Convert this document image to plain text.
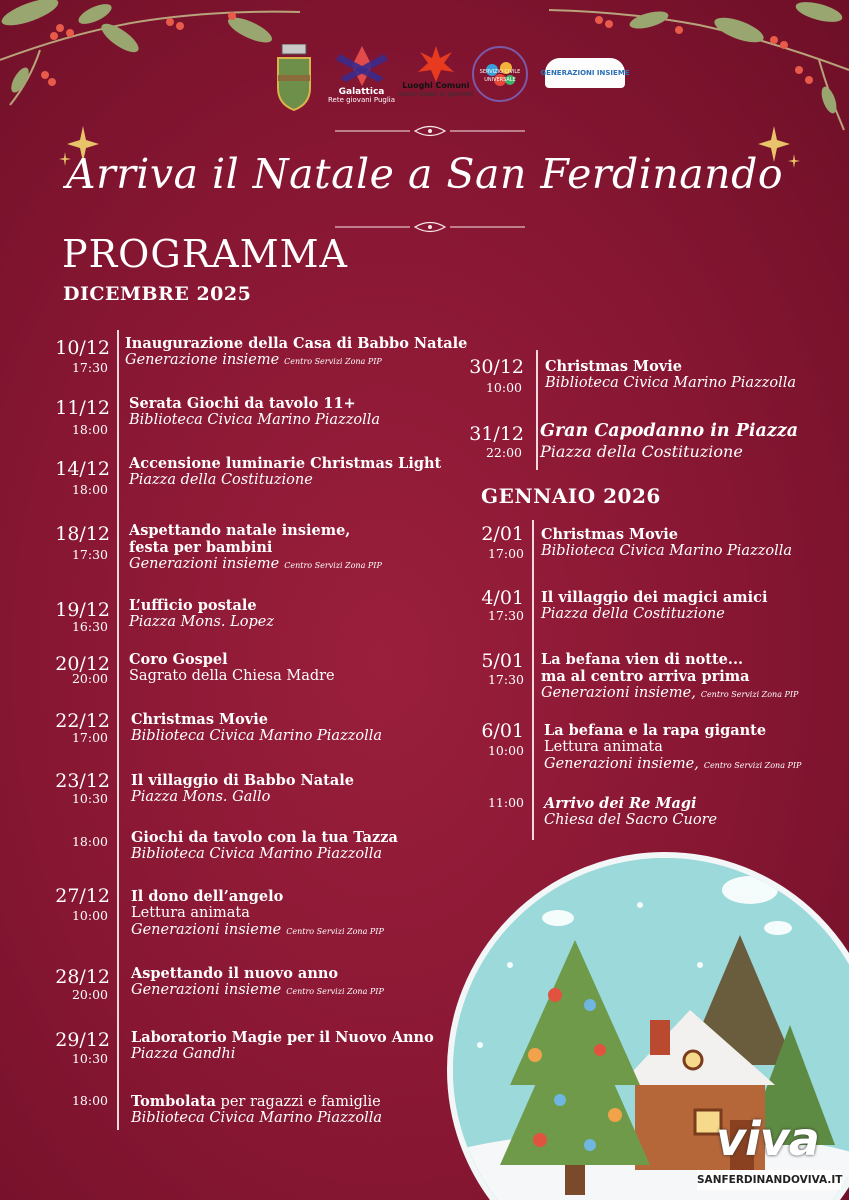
Galattica
Rete giovani Puglia
Luoghi Comuni
nuovi spazi ai giovani
SERVIZIO CIVILE UNIVERSALE
GENERAZIONI INSIEME
Arriva il Natale a San Ferdinando
PROGRAMMA
DICEMBRE 2025
10/12
17:30
Inaugurazione della Casa di Babbo Natale
Generazione insieme Centro Servizi Zona PIP
11/12
18:00
Serata Giochi da tavolo 11+
Biblioteca Civica Marino Piazzolla
14/12
18:00
Accensione luminarie Christmas Light
Piazza della Costituzione
18/12
17:30
Aspettando natale insieme,
festa per bambini
Generazioni insieme Centro Servizi Zona PIP
19/12
16:30
L’ufficio postale
Piazza Mons. Lopez
20/12
20:00
Coro Gospel
Sagrato della Chiesa Madre
22/12
17:00
Christmas Movie
Biblioteca Civica Marino Piazzolla
23/12
10:30
Il villaggio di Babbo Natale
Piazza Mons. Gallo
18:00 Giochi da tavolo con la tua Tazza
Biblioteca Civica Marino Piazzolla
27/12
10:00
Il dono dell’angelo
Lettura animata
Generazioni insieme Centro Servizi Zona PIP
28/12
20:00
Aspettando il nuovo anno
Generazioni insieme Centro Servizi Zona PIP
29/12
10:30
Laboratorio Magie per il Nuovo Anno
Piazza Gandhi
18:00 Tombolata per ragazzi e famiglie
Biblioteca Civica Marino Piazzolla
30/12
10:00
Christmas Movie
Biblioteca Civica Marino Piazzolla
31/12
22:00
Gran Capodanno in Piazza
Piazza della Costituzione
GENNAIO 2026
2/01
17:00
Christmas Movie
Biblioteca Civica Marino Piazzolla
4/01
17:30
Il villaggio dei magici amici
Piazza della Costituzione
5/01
17:30
La befana vien di notte...
ma al centro arriva prima
Generazioni insieme, Centro Servizi Zona PIP
6/01
10:00
La befana e la rapa gigante
Lettura animata
Generazioni insieme, Centro Servizi Zona PIP
11:00 Arrivo dei Re Magi
Chiesa del Sacro Cuore
viva
SANFERDINANDOVIVA.IT
